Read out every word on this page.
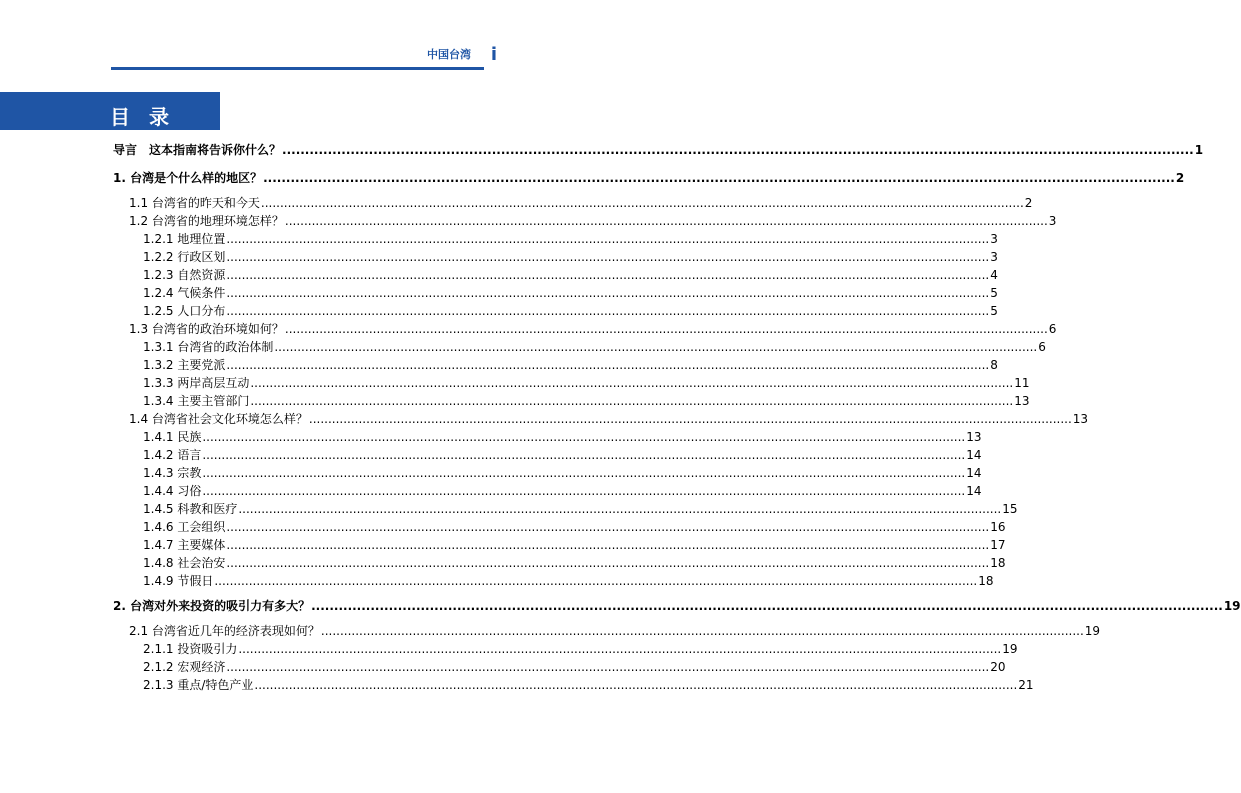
中国台湾 i
目 录
导言　这本指南将告诉你什么？ ........................................................................................................................................................................................................ 1
1. 台湾是个什么样的地区？ ........................................................................................................................................................................................................ 2
1.1 台湾省的昨天和今天 ........................................................................................................................................................................................................ 2
1.2 台湾省的地理环境怎样？ ........................................................................................................................................................................................................ 3
1.2.1 地理位置 ........................................................................................................................................................................................................ 3
1.2.2 行政区划 ........................................................................................................................................................................................................ 3
1.2.3 自然资源 ........................................................................................................................................................................................................ 4
1.2.4 气候条件 ........................................................................................................................................................................................................ 5
1.2.5 人口分布 ........................................................................................................................................................................................................ 5
1.3 台湾省的政治环境如何？ ........................................................................................................................................................................................................ 6
1.3.1 台湾省的政治体制 ........................................................................................................................................................................................................ 6
1.3.2 主要党派 ........................................................................................................................................................................................................ 8
1.3.3 两岸高层互动 ........................................................................................................................................................................................................ 11
1.3.4 主要主管部门 ........................................................................................................................................................................................................ 13
1.4 台湾省社会文化环境怎么样？ ........................................................................................................................................................................................................ 13
1.4.1 民族 ........................................................................................................................................................................................................ 13
1.4.2 语言 ........................................................................................................................................................................................................ 14
1.4.3 宗教 ........................................................................................................................................................................................................ 14
1.4.4 习俗 ........................................................................................................................................................................................................ 14
1.4.5 科教和医疗 ........................................................................................................................................................................................................ 15
1.4.6 工会组织 ........................................................................................................................................................................................................ 16
1.4.7 主要媒体 ........................................................................................................................................................................................................ 17
1.4.8 社会治安 ........................................................................................................................................................................................................ 18
1.4.9 节假日 ........................................................................................................................................................................................................ 18
2. 台湾对外来投资的吸引力有多大？ ........................................................................................................................................................................................................ 19
2.1 台湾省近几年的经济表现如何？ ........................................................................................................................................................................................................ 19
2.1.1 投资吸引力 ........................................................................................................................................................................................................ 19
2.1.2 宏观经济 ........................................................................................................................................................................................................ 20
2.1.3 重点/特色产业 ........................................................................................................................................................................................................ 21
